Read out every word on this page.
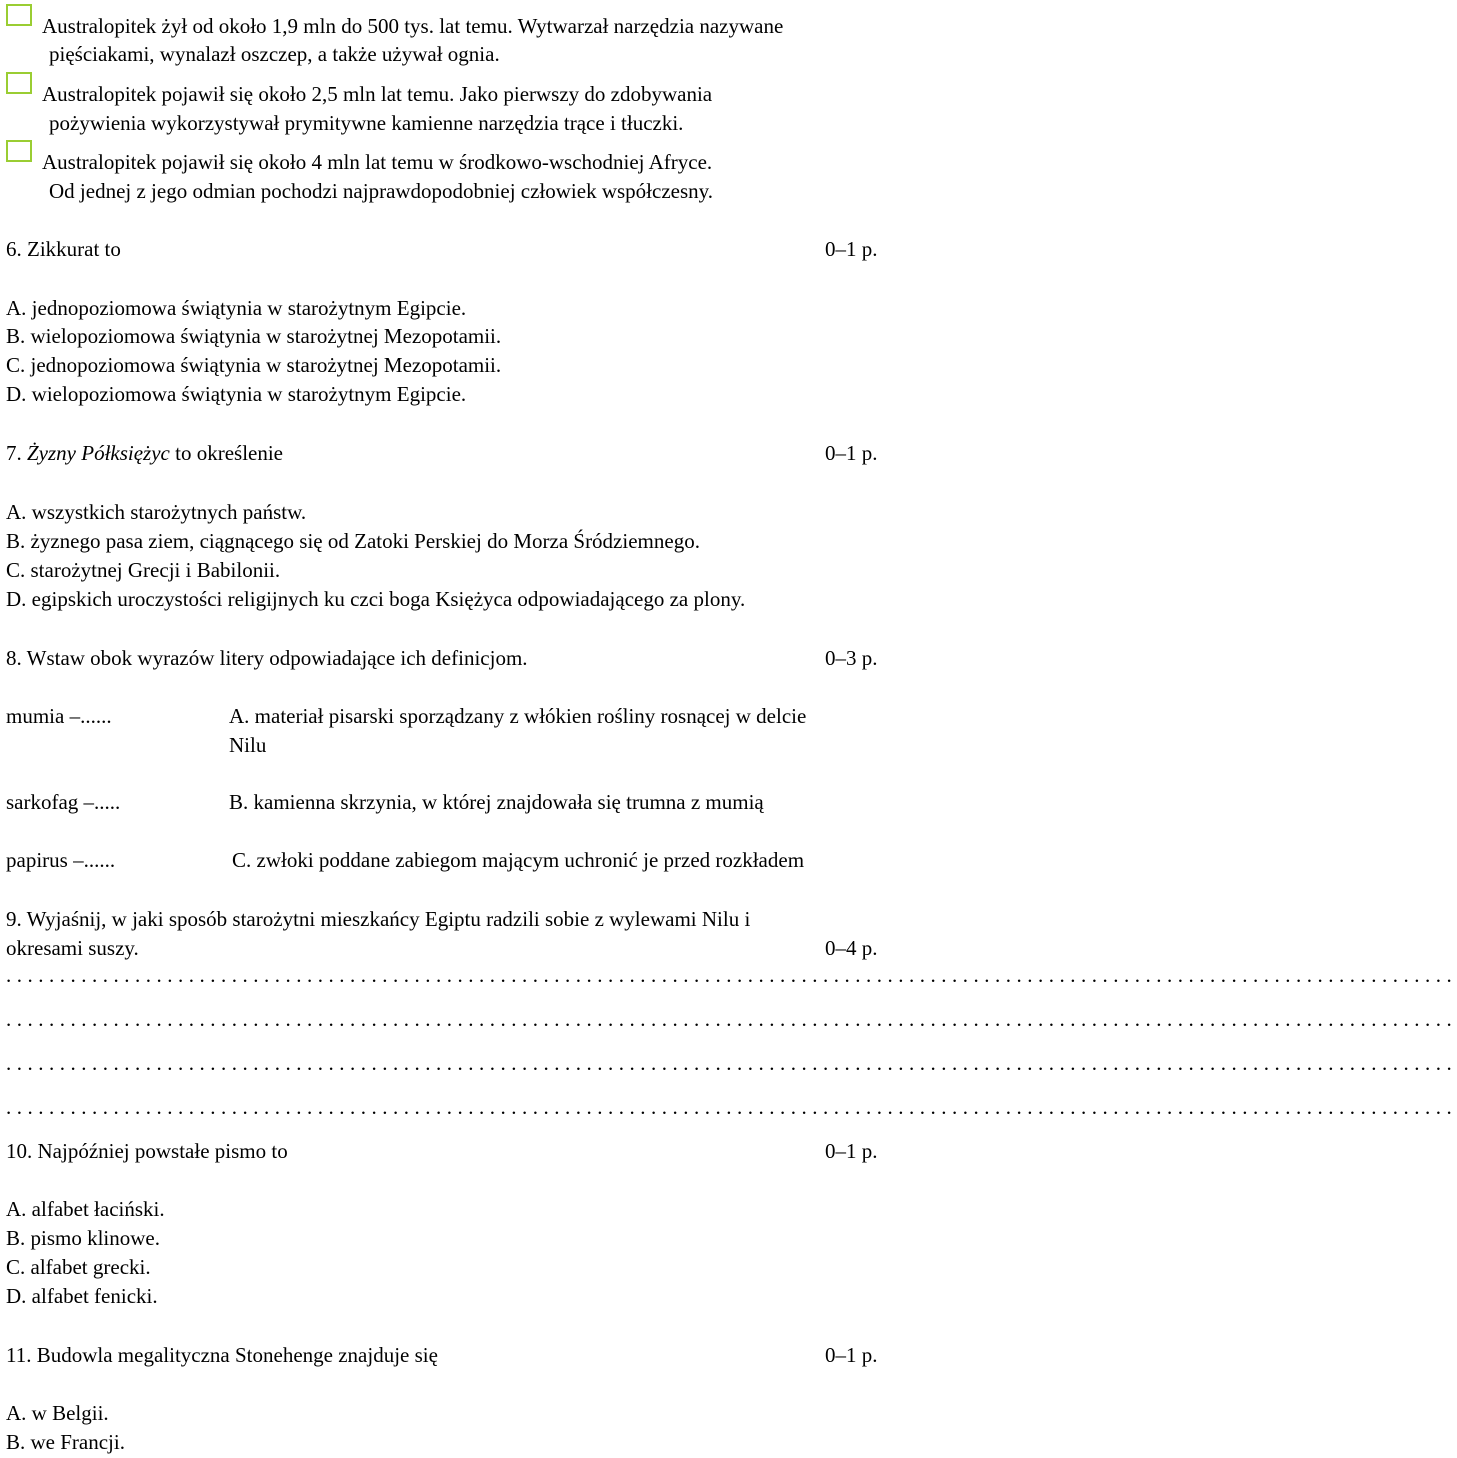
Australopitek żył od około 1,9 mln do 500 tys. lat temu. Wytwarzał narzędzia nazywane
pięściakami, wynalazł oszczep, a także używał ognia.
Australopitek pojawił się około 2,5 mln lat temu. Jako pierwszy do zdobywania
pożywienia wykorzystywał prymitywne kamienne narzędzia trące i tłuczki.
Australopitek pojawił się około 4 mln lat temu w środkowo-wschodniej Afryce.
Od jednej z jego odmian pochodzi najprawdopodobniej człowiek współczesny.
6. Zikkurat to	0–1 p.
A. jednopoziomowa świątynia w starożytnym Egipcie.
B. wielopoziomowa świątynia w starożytnej Mezopotamii.
C. jednopoziomowa świątynia w starożytnej Mezopotamii.
D. wielopoziomowa świątynia w starożytnym Egipcie.
7. Żyzny Półksiężyc to określenie	0–1 p.
A. wszystkich starożytnych państw.
B. żyznego pasa ziem, ciągnącego się od Zatoki Perskiej do Morza Śródziemnego.
C. starożytnej Grecji i Babilonii.
D. egipskich uroczystości religijnych ku czci boga Księżyca odpowiadającego za plony.
8. Wstaw obok wyrazów litery odpowiadające ich definicjom.	0–3 p.
mumia –......	A. materiał pisarski sporządzany z włókien rośliny rosnącej w delcie
Nilu
sarkofag –.....	B. kamienna skrzynia, w której znajdowała się trumna z mumią
papirus –......	C. zwłoki poddane zabiegom mającym uchronić je przed rozkładem
9. Wyjaśnij, w jaki sposób starożytni mieszkańcy Egiptu radzili sobie z wylewami Nilu i
okresami suszy.	0–4 p.
.......................................................................................................................................
.......................................................................................................................................
.......................................................................................................................................
.......................................................................................................................................
10. Najpóźniej powstałe pismo to	0–1 p.
A. alfabet łaciński.
B. pismo klinowe.
C. alfabet grecki.
D. alfabet fenicki.
11. Budowla megalityczna Stonehenge znajduje się	0–1 p.
A. w Belgii.
B. we Francji.
